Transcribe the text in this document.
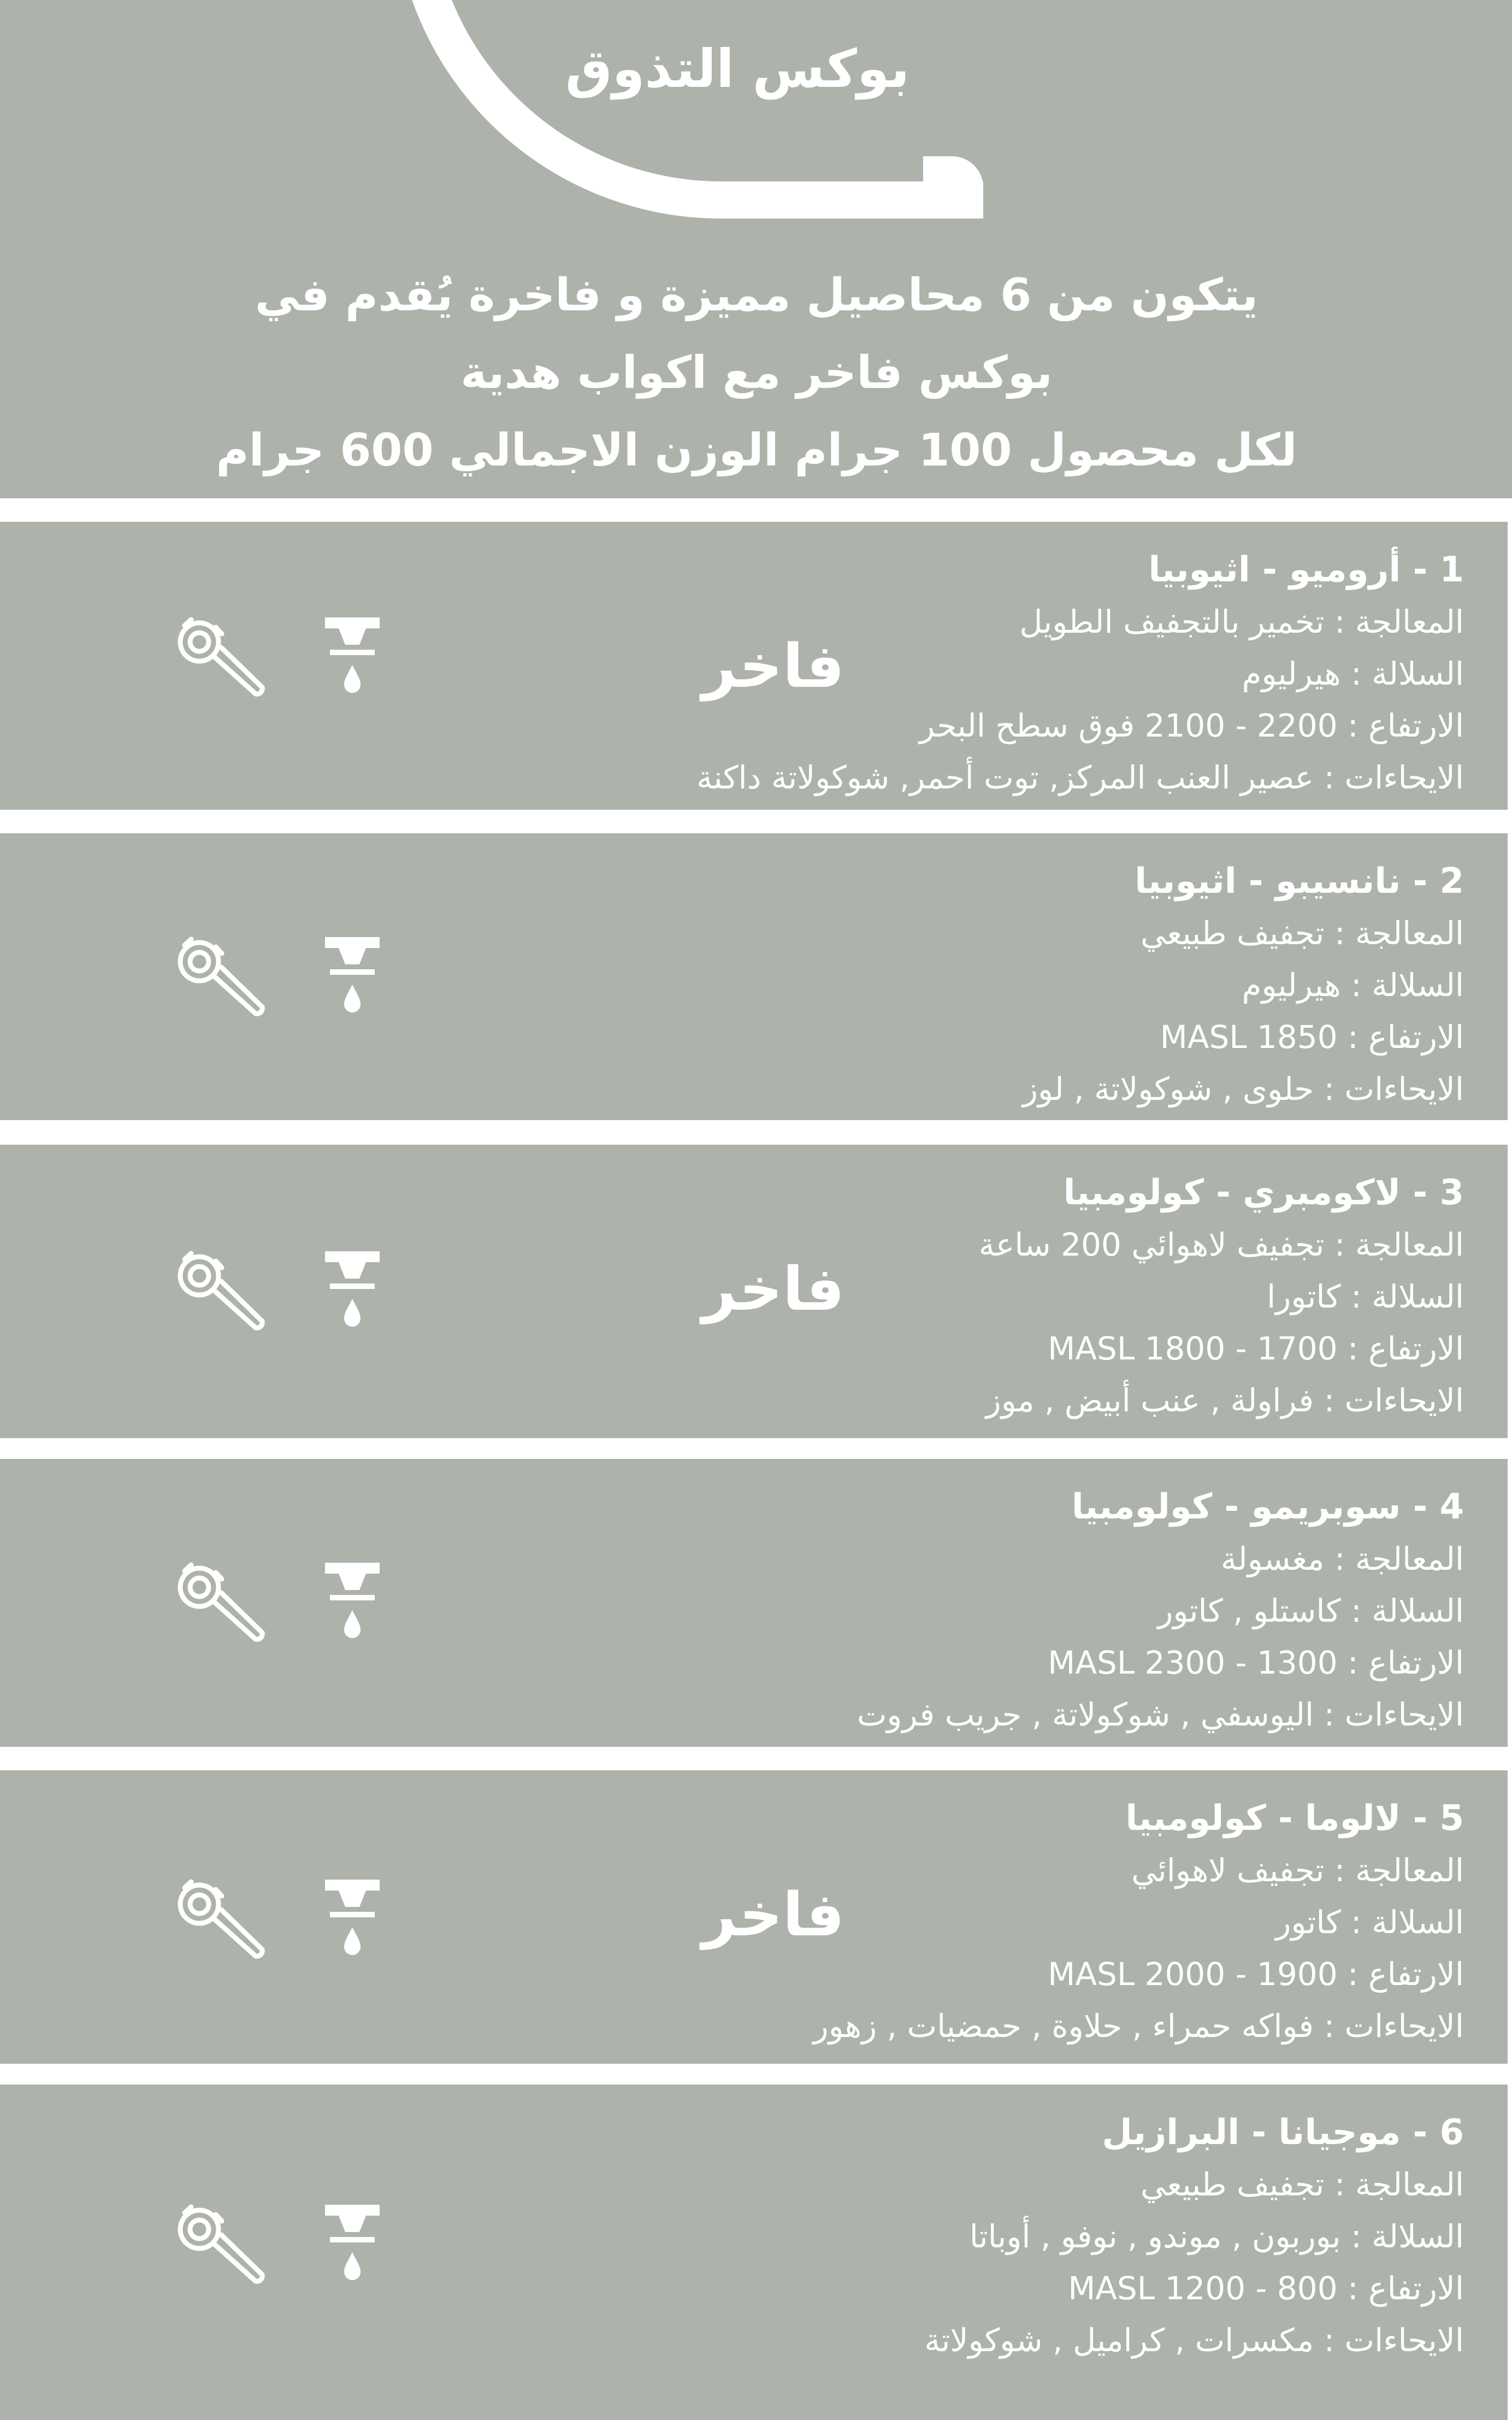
بوكس التذوق
يتكون من 6 محاصيل مميزة و فاخرة يُقدم في
بوكس فاخر مع اكواب هدية
لكل محصول 100 جرام الوزن الاجمالي 600 جرام
1 - أروميو - اثيوبيا
المعالجة : تخمير بالتجفيف الطويل
السلالة : هيرليوم
الارتفاع : 2200 - 2100 فوق سطح البحر
الايحاءات : عصير العنب المركز, توت أحمر, شوكولاتة داكنة
فاخر
2 - نانسيبو - اثيوبيا
المعالجة : تجفيف طبيعي
السلالة : هيرليوم
الارتفاع : MASL 1850
الايحاءات : حلوى , شوكولاتة , لوز
3 - لاكومبري - كولومبيا
المعالجة : تجفيف لاهوائي 200 ساعة
السلالة : كاتورا
الارتفاع : MASL 1800 - 1700
الايحاءات : فراولة , عنب أبيض , موز
فاخر
4 - سوبريمو - كولومبيا
المعالجة : مغسولة
السلالة : كاستلو , كاتور
الارتفاع : MASL 2300 - 1300
الايحاءات : اليوسفي , شوكولاتة , جريب فروت
5 - لالوما - كولومبيا
المعالجة : تجفيف لاهوائي
السلالة : كاتور
الارتفاع : MASL 2000 - 1900
الايحاءات : فواكه حمراء , حلاوة , حمضيات , زهور
فاخر
6 - موجيانا - البرازيل
المعالجة : تجفيف طبيعي
السلالة : بوربون , موندو , نوفو , أوباتا
الارتفاع : MASL 1200 - 800
الايحاءات : مكسرات , كراميل , شوكولاتة
